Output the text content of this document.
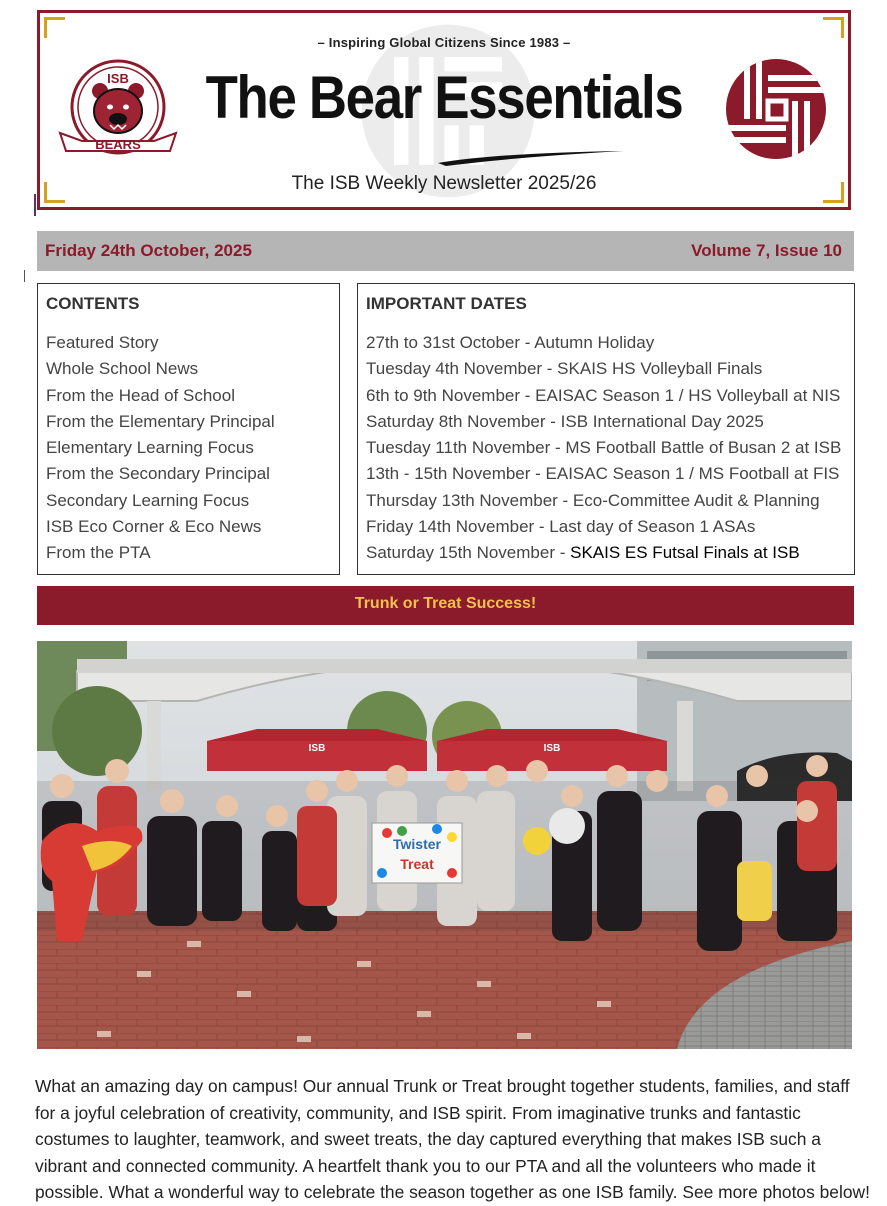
ISB
BEARS
– Inspiring Global Citizens Since 1983 –
The Bear Essentials
The ISB Weekly Newsletter 2025/26
Friday 24th October, 2025	Volume 7, Issue 10
CONTENTS
Featured Story
Whole School News
From the Head of School
From the Elementary Principal
Elementary Learning Focus
From the Secondary Principal
Secondary Learning Focus
ISB Eco Corner & Eco News
From the PTA
IMPORTANT DATES
27th to 31st October - Autumn Holiday
Tuesday 4th November - SKAIS HS Volleyball Finals
6th to 9th November - EAISAC Season 1 / HS Volleyball at NIS
Saturday 8th November - ISB International Day 2025
Tuesday 11th November - MS Football Battle of Busan 2 at ISB
13th - 15th November - EAISAC Season 1 / MS Football at FIS
Thursday 13th November - Eco-Committee Audit & Planning
Friday 14th November - Last day of Season 1 ASAs
Saturday 15th November - SKAIS ES Futsal Finals at ISB
Trunk or Treat Success!
ISB	ISB
Twister
Treat

What an amazing day on campus! Our annual Trunk or Treat brought together students, families, and staff for a joyful celebration of creativity, community, and ISB spirit. From imaginative trunks and fantastic costumes to laughter, teamwork, and sweet treats, the day captured everything that makes ISB such a vibrant and connected community. A heartfelt thank you to our PTA and all the volunteers who made it possible. What a wonderful way to celebrate the season together as one ISB family. See more photos below!
